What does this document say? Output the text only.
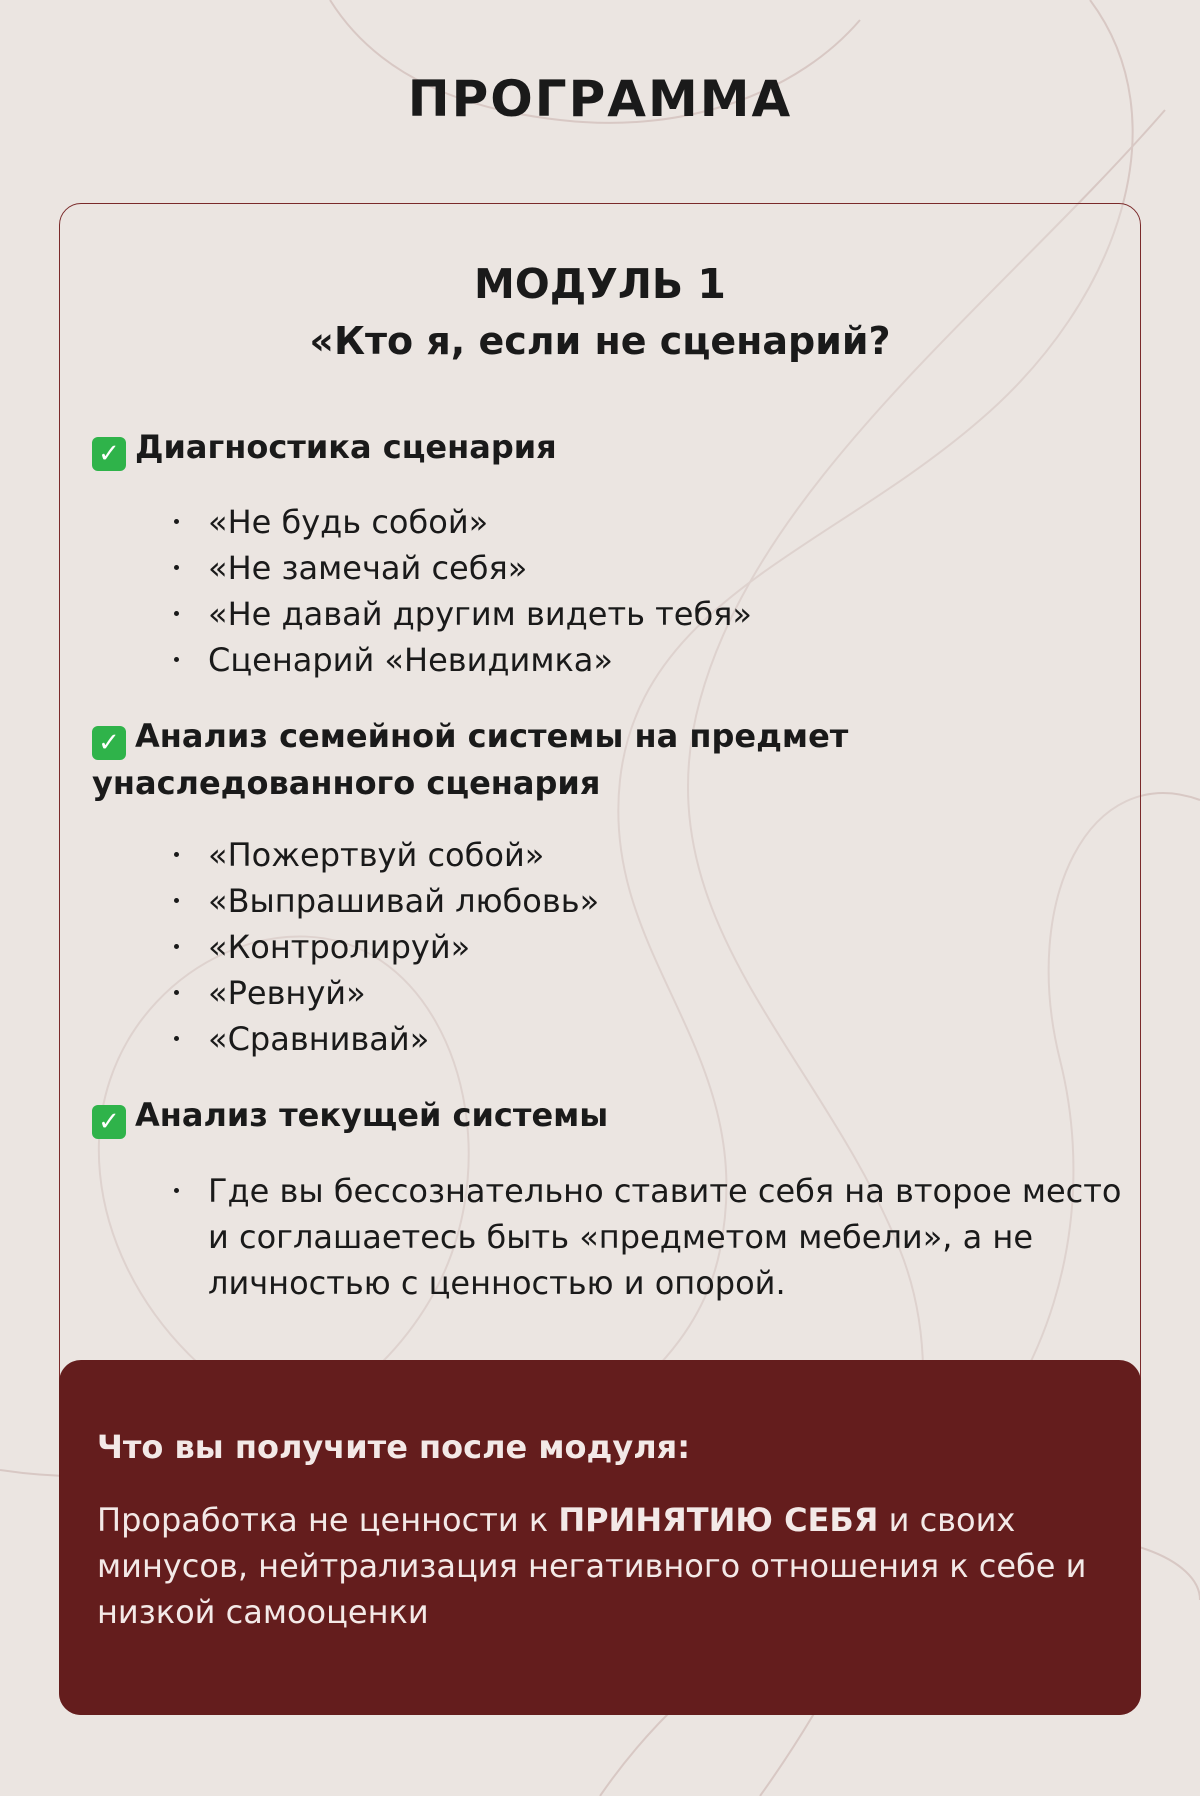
ПРОГРАММА

МОДУЛЬ 1

«Кто я, если не сценарий?

✓ Диагностика сценария

«Не будь собой»
«Не замечай себя»
«Не давай другим видеть тебя»
Сценарий «Невидимка»

✓ Анализ семейной системы на предмет
унаследованного сценария

«Пожертвуй собой»
«Выпрашивай любовь»
«Контролируй»
«Ревнуй»
«Сравнивай»

✓ Анализ текущей системы

Где вы бессознательно ставите себя на второе место и соглашаетесь быть «предметом мебели», а не личностью с ценностью и опорой.

Что вы получите после модуля:

Проработка не ценности к ПРИНЯТИЮ СЕБЯ и своих минусов, нейтрализация негативного отношения к себе и низкой самооценки
